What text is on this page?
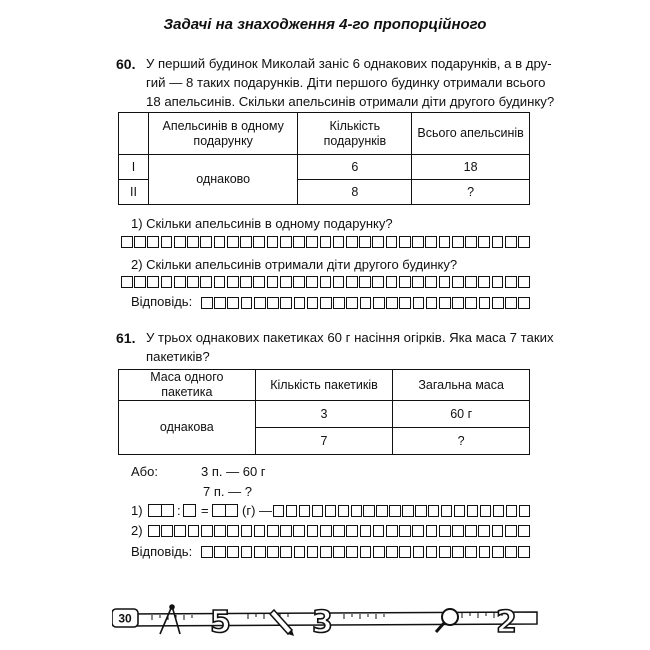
Задачі на знаходження 4-го пропорційного
60. У перший будинок Миколай заніс 6 однакових подарунків, а в дру-
гий — 8 таких подарунків. Діти першого будинку отримали всього
18 апельсинів. Скільки апельсинів отримали діти другого будинку?
	Апельсинів в одному подарунку	Кількість подарунків	Всього апельсинів
I	однаково	6	18
II		8	?
1) Скільки апельсинів в одному подарунку?
2) Скільки апельсинів отримали діти другого будинку?
Відповідь:
61. У трьох однакових пакетиках 60 г насіння огірків. Яка маса 7 таких
пакетиків?
Маса одного пакетика	Кількість пакетиків	Загальна маса
однакова	3	60 г
	7	?
Або:	3 п. — 60 г
7 п. — ?
1)	: =	(г) —
2)
Відповідь:
30	5	3	2
